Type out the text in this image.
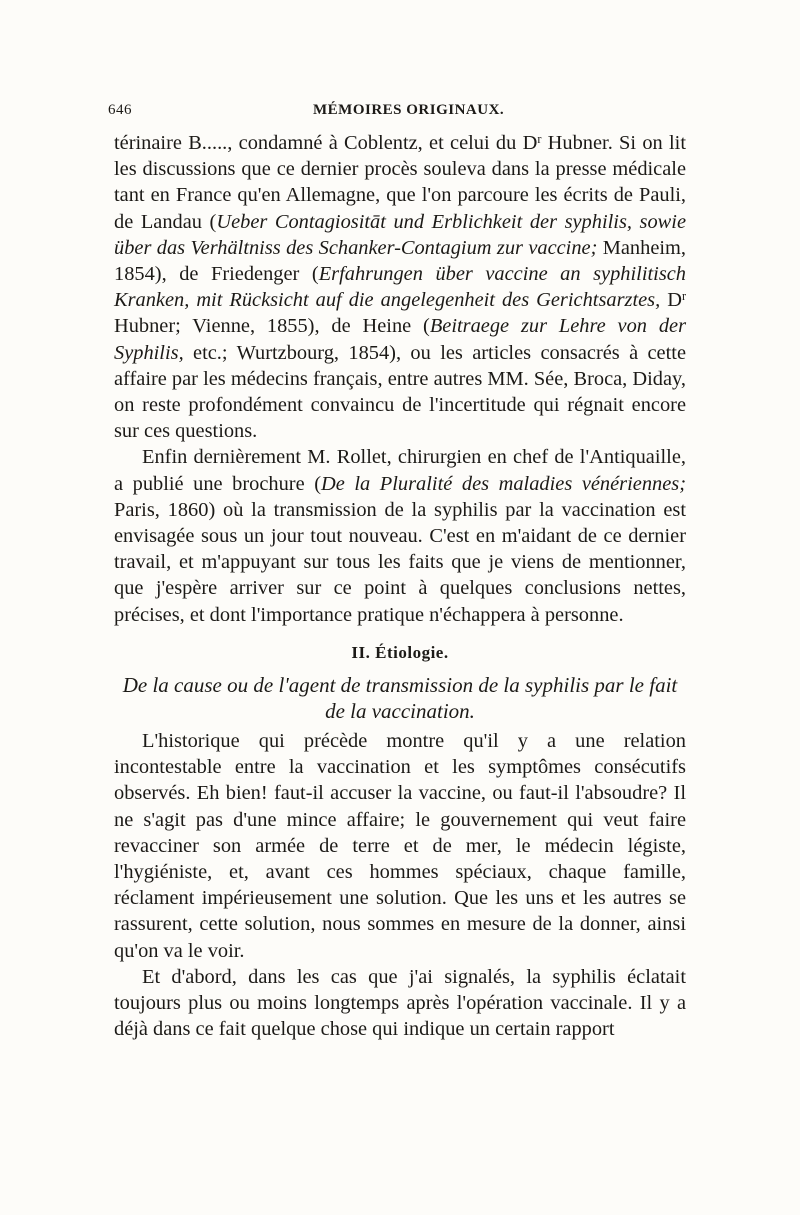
646	MÉMOIRES ORIGINAUX.

térinaire B....., condamné à Coblentz, et celui du $D^r$ Hubner. Si on lit les discussions que ce dernier procès souleva dans la presse médicale tant en France qu'en Allemagne, que l'on parcoure les écrits de Pauli, de Landau (Ueber Contagiositāt und Erblichkeit der syphilis, sowie über das Verhältniss des Schanker-Contagium zur vaccine; Manheim, 1854), de Friedenger (Erfahrungen über vaccine an syphilitisch Kranken, mit Rücksicht auf die angelegenheit des Gerichtsarztes, $D^r$ Hubner; Vienne, 1855), de Heine (Beitraege zur Lehre von der Syphilis, etc.; Wurtzbourg, 1854), ou les articles consacrés à cette affaire par les médecins français, entre autres MM. Sée, Broca, Diday, on reste profondément convaincu de l'incertitude qui régnait encore sur ces questions.

Enfin dernièrement M. Rollet, chirurgien en chef de l'Antiquaille, a publié une brochure (De la Pluralité des maladies vénériennes; Paris, 1860) où la transmission de la syphilis par la vaccination est envisagée sous un jour tout nouveau. C'est en m'aidant de ce dernier travail, et m'appuyant sur tous les faits que je viens de mentionner, que j'espère arriver sur ce point à quelques conclusions nettes, précises, et dont l'importance pratique n'échappera à personne.

II. Étiologie.
De la cause ou de l'agent de transmission de la syphilis par le fait de la vaccination.

L'historique qui précède montre qu'il y a une relation incontestable entre la vaccination et les symptômes consécutifs observés. Eh bien! faut-il accuser la vaccine, ou faut-il l'absoudre? Il ne s'agit pas d'une mince affaire; le gouvernement qui veut faire revacciner son armée de terre et de mer, le médecin légiste, l'hygiéniste, et, avant ces hommes spéciaux, chaque famille, réclament impérieusement une solution. Que les uns et les autres se rassurent, cette solution, nous sommes en mesure de la donner, ainsi qu'on va le voir.

Et d'abord, dans les cas que j'ai signalés, la syphilis éclatait toujours plus ou moins longtemps après l'opération vaccinale. Il y a déjà dans ce fait quelque chose qui indique un certain rapport
